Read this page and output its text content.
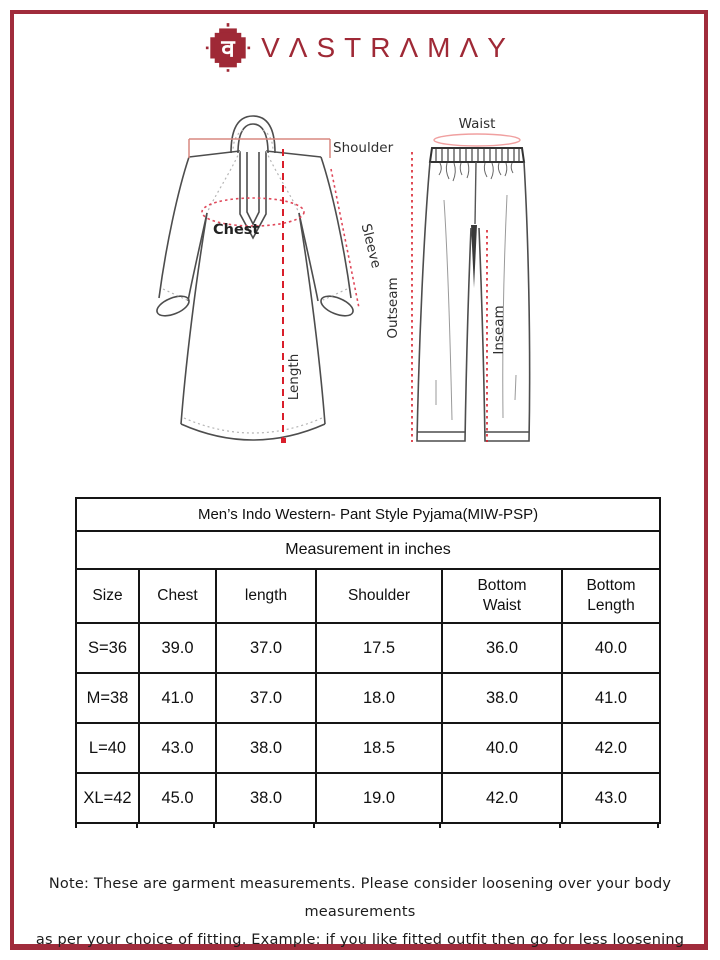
व VΛSTRΛMΛY
Shoulder
Chest	Sleeve
Length
Waist
Outseam	Inseam
Men’s Indo Western- Pant Style Pyjama(MIW-PSP)					
Measurement in inches					
Size	Chest	length	Shoulder	Bottom Waist	Bottom Length
S=36	39.0	37.0	17.5	36.0	40.0
M=38	41.0	37.0	18.0	38.0	41.0
L=40	43.0	38.0	18.5	40.0	42.0
XL=42	45.0	38.0	19.0	42.0	43.0
Note: These are garment measurements. Please consider loosening over your body measurements
as per your choice of fitting. Example: if you like fitted outfit then go for less loosening
